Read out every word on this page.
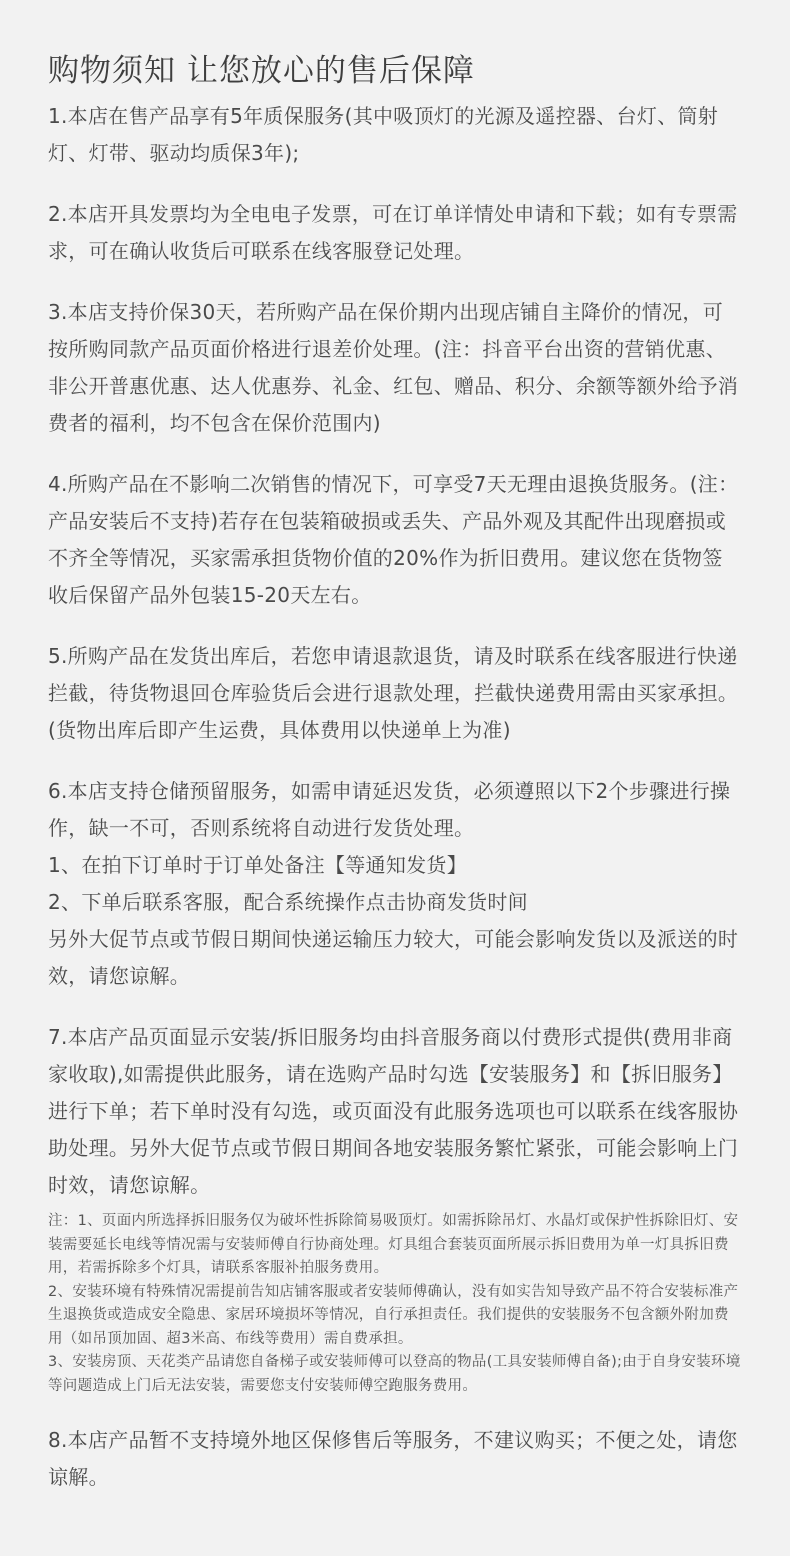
购物须知 让您放心的售后保障
1.本店在售产品享有5年质保服务(其中吸顶灯的光源及遥控器、台灯、筒射灯、灯带、驱动均质保3年);
2.本店开具发票均为全电电子发票，可在订单详情处申请和下载；如有专票需求，可在确认收货后可联系在线客服登记处理。
3.本店支持价保30天，若所购产品在保价期内出现店铺自主降价的情况，可按所购同款产品页面价格进行退差价处理。(注：抖音平台出资的营销优惠、非公开普惠优惠、达人优惠券、礼金、红包、赠品、积分、余额等额外给予消费者的福利，均不包含在保价范围内)
4.所购产品在不影响二次销售的情况下，可享受7天无理由退换货服务。(注：产品安装后不支持)若存在包装箱破损或丢失、产品外观及其配件出现磨损或不齐全等情况，买家需承担货物价值的20%作为折旧费用。建议您在货物签收后保留产品外包装15-20天左右。
5.所购产品在发货出库后，若您申请退款退货，请及时联系在线客服进行快递拦截，待货物退回仓库验货后会进行退款处理，拦截快递费用需由买家承担。(货物出库后即产生运费，具体费用以快递单上为准)
6.本店支持仓储预留服务，如需申请延迟发货，必须遵照以下2个步骤进行操作，缺一不可，否则系统将自动进行发货处理。
1、在拍下订单时于订单处备注【等通知发货】
2、下单后联系客服，配合系统操作点击协商发货时间
另外大促节点或节假日期间快递运输压力较大，可能会影响发货以及派送的时效，请您谅解。
7.本店产品页面显示安装/拆旧服务均由抖音服务商以付费形式提供(费用非商家收取),如需提供此服务，请在选购产品时勾选【安装服务】和【拆旧服务】进行下单；若下单时没有勾选，或页面没有此服务选项也可以联系在线客服协助处理。另外大促节点或节假日期间各地安装服务繁忙紧张，可能会影响上门时效，请您谅解。
注：1、页面内所选择拆旧服务仅为破坏性拆除简易吸顶灯。如需拆除吊灯、水晶灯或保护性拆除旧灯、安装需要延长电线等情况需与安装师傅自行协商处理。灯具组合套装页面所展示拆旧费用为单一灯具拆旧费用，若需拆除多个灯具，请联系客服补拍服务费用。
2、安装环境有特殊情况需提前告知店铺客服或者安装师傅确认，没有如实告知导致产品不符合安装标准产生退换货或造成安全隐患、家居环境损坏等情况，自行承担责任。我们提供的安装服务不包含额外附加费用（如吊顶加固、超3米高、布线等费用）需自费承担。
3、安装房顶、天花类产品请您自备梯子或安装师傅可以登高的物品(工具安装师傅自备);由于自身安装环境等问题造成上门后无法安装，需要您支付安装师傅空跑服务费用。
8.本店产品暂不支持境外地区保修售后等服务，不建议购买；不便之处，请您谅解。
